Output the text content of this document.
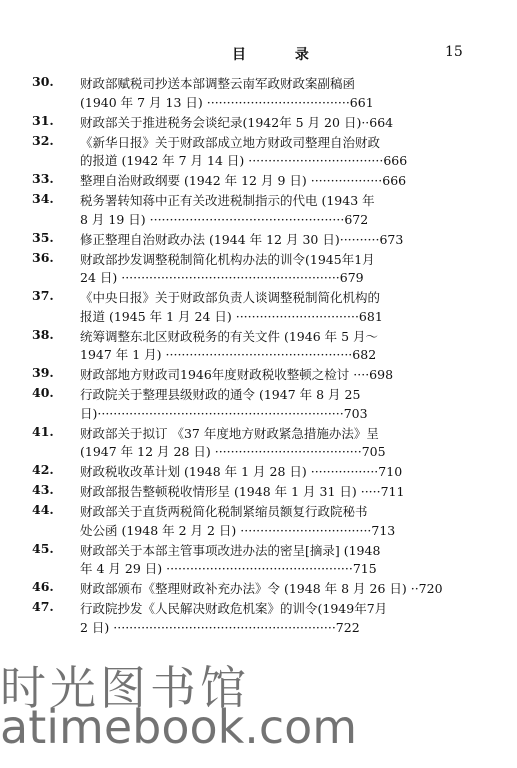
目 录	15
30.	财政部赋税司抄送本部调整云南军政财政案副稿函
(1940 年 7 月 13 日) ····································661
31.	财政部关于推进税务会谈纪录(1942年 5 月 20 日)··664
32.	《新华日报》关于财政部成立地方财政司整理自治财政
的报道 (1942 年 7 月 14 日) ··································666
33.	整理自治财政纲要 (1942 年 12 月 9 日) ··················666
34.	税务署转知蒋中正有关改进税制指示的代电 (1943 年
8 月 19 日) ·················································672
35.	修正整理自治财政办法 (1944 年 12 月 30 日)··········673
36.	财政部抄发调整税制简化机构办法的训令(1945年1月
24 日) ·······················································679
37.	《中央日报》关于财政部负责人谈调整税制简化机构的
报道 (1945 年 1 月 24 日) ·······························681
38.	统筹调整东北区财政税务的有关文件 (1946 年 5 月～
1947 年 1 月) ···············································682
39.	财政部地方财政司1946年度财政税收整顿之检讨 ····698
40.	行政院关于整理县级财政的通令 (1947 年 8 月 25
日)······························································703
41.	财政部关于拟订 《37 年度地方财政紧急措施办法》呈
(1947 年 12 月 28 日) ·····································705
42.	财政税收改革计划 (1948 年 1 月 28 日) ·················710
43.	财政部报告整顿税收情形呈 (1948 年 1 月 31 日) ·····711
44.	财政部关于直货两税简化税制紧缩员额复行政院秘书
处公函 (1948 年 2 月 2 日) ·································713
45.	财政部关于本部主管事项改进办法的密呈[摘录] (1948
年 4 月 29 日) ···············································715
46.	财政部颁布《整理财政补充办法》令 (1948 年 8 月 26 日) ··720
47.	行政院抄发《人民解决财政危机案》的训令(1949年7月
2 日) ························································722
时光图书馆
atimebook.com
